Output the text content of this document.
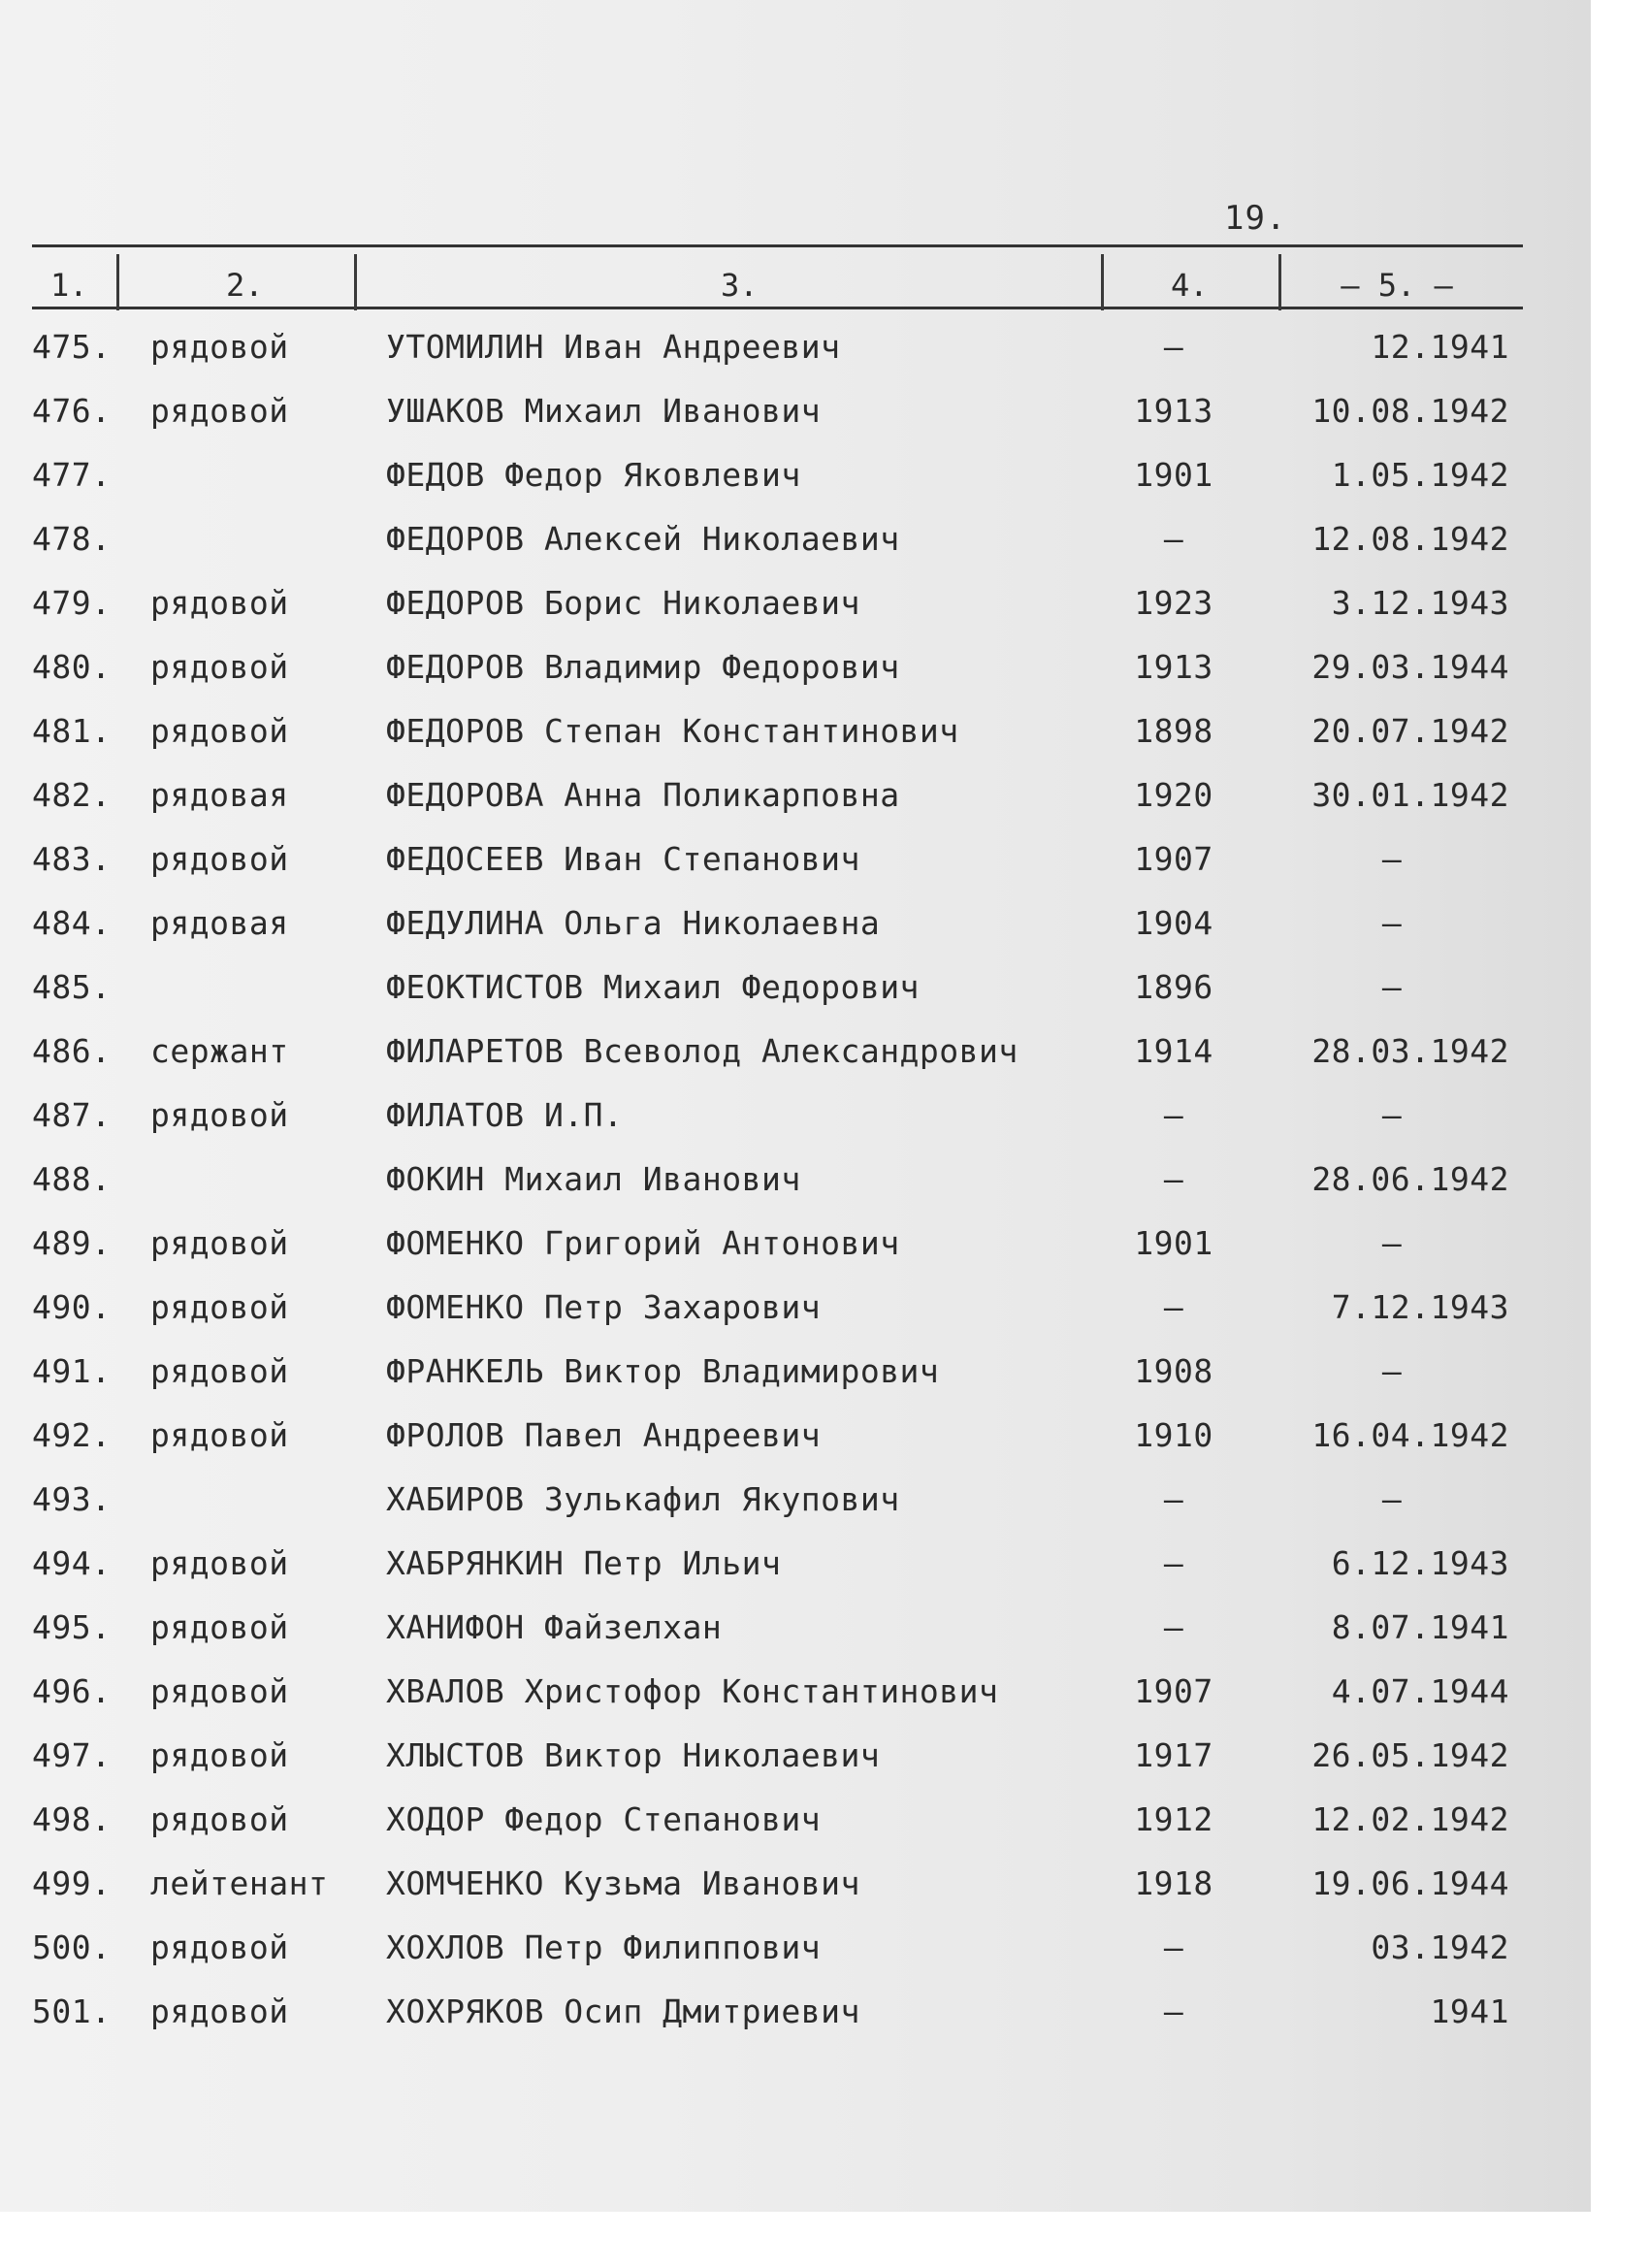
19.
1.	2.	3.	4.	— 5. —
475. рядовой	УТОМИЛИН Иван Андреевич	–	12.1941
476. рядовой	УШАКОВ Михаил Иванович	1913	10.08.1942
477.	ФЕДОВ Федор Яковлевич	1901	1.05.1942
478.	ФЕДОРОВ Алексей Николаевич	–	12.08.1942
479. рядовой	ФЕДОРОВ Борис Николаевич	1923	3.12.1943
480. рядовой	ФЕДОРОВ Владимир Федорович	1913	29.03.1944
481. рядовой	ФЕДОРОВ Степан Константинович	1898	20.07.1942
482. рядовая	ФЕДОРОВА Анна Поликарповна	1920	30.01.1942
483. рядовой	ФЕДОСЕЕВ Иван Степанович	1907	–
484. рядовая	ФЕДУЛИНА Ольга Николаевна	1904	–
485.	ФЕОКТИСТОВ Михаил Федорович	1896	–
486. сержант	ФИЛАРЕТОВ Всеволод Александрович	1914	28.03.1942
487. рядовой	ФИЛАТОВ И.П.	–	–
488.	ФОКИН Михаил Иванович	–	28.06.1942
489. рядовой	ФОМЕНКО Григорий Антонович	1901	–
490. рядовой	ФОМЕНКО Петр Захарович	–	7.12.1943
491. рядовой	ФРАНКЕЛЬ Виктор Владимирович	1908	–
492. рядовой	ФРОЛОВ Павел Андреевич	1910	16.04.1942
493.	ХАБИРОВ Зулькафил Якупович	–	–
494. рядовой	ХАБРЯНКИН Петр Ильич	–	6.12.1943
495. рядовой	ХАНИФОН Файзелхан	–	8.07.1941
496. рядовой	ХВАЛОВ Христофор Константинович	1907	4.07.1944
497. рядовой	ХЛЫСТОВ Виктор Николаевич	1917	26.05.1942
498. рядовой	ХОДОР Федор Степанович	1912	12.02.1942
499. лейтенант ХОМЧЕНКО Кузьма Иванович	1918	19.06.1944
500. рядовой	ХОХЛОВ Петр Филиппович	–	03.1942
501. рядовой	ХОХРЯКОВ Осип Дмитриевич	–	1941
